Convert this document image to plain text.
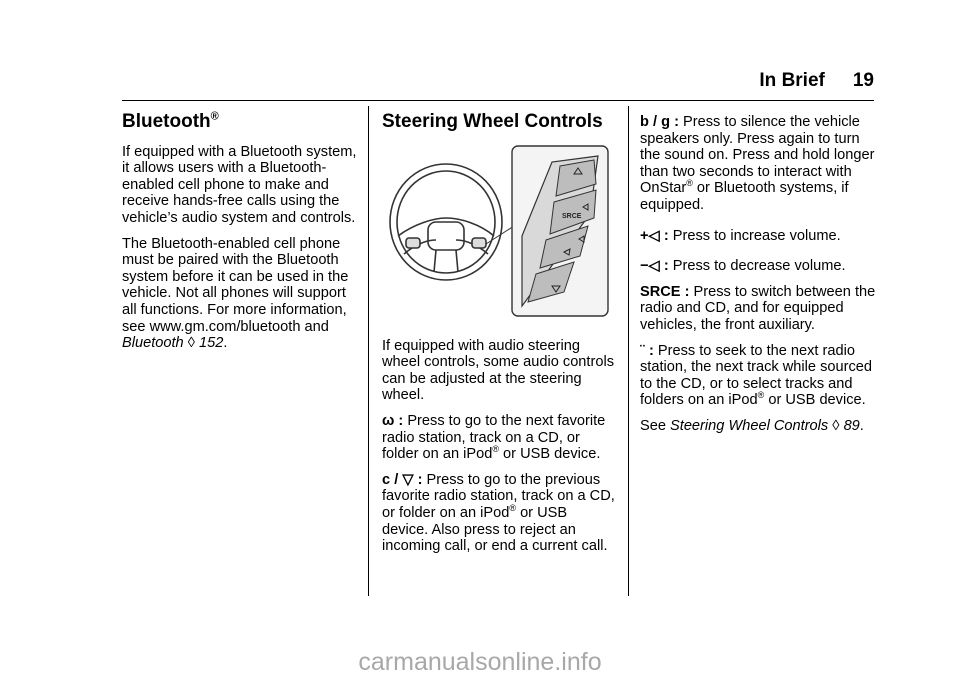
In Brief 19
Bluetooth®

If equipped with a Bluetooth system, it allows users with a Bluetooth-enabled cell phone to make and receive hands-free calls using the vehicle’s audio system and controls.

The Bluetooth-enabled cell phone must be paired with the Bluetooth system before it can be used in the vehicle. Not all phones will support all functions. For more information, see www.gm.com/bluetooth and
Bluetooth ◊ 152.

Steering Wheel Controls
SRCE

If equipped with audio steering wheel controls, some audio controls can be adjusted at the steering wheel.

ω : Press to go to the next favorite radio station, track on a CD, or folder on an iPod® or USB device.

c / ▽ : Press to go to the previous favorite radio station, track on a CD, or folder on an iPod® or USB device. Also press to reject an incoming call, or end a current call.

b / g : Press to silence the vehicle speakers only. Press again to turn the sound on. Press and hold longer than two seconds to interact with OnStar® or Bluetooth systems, if equipped.

+◁ : Press to increase volume.

−◁ : Press to decrease volume.

SRCE : Press to switch between the radio and CD, and for equipped vehicles, the front auxiliary.

¨ : Press to seek to the next radio station, the next track while sourced to the CD, or to select tracks and folders on an iPod® or USB device.

See Steering Wheel Controls ◊ 89.

carmanualsonline.info
